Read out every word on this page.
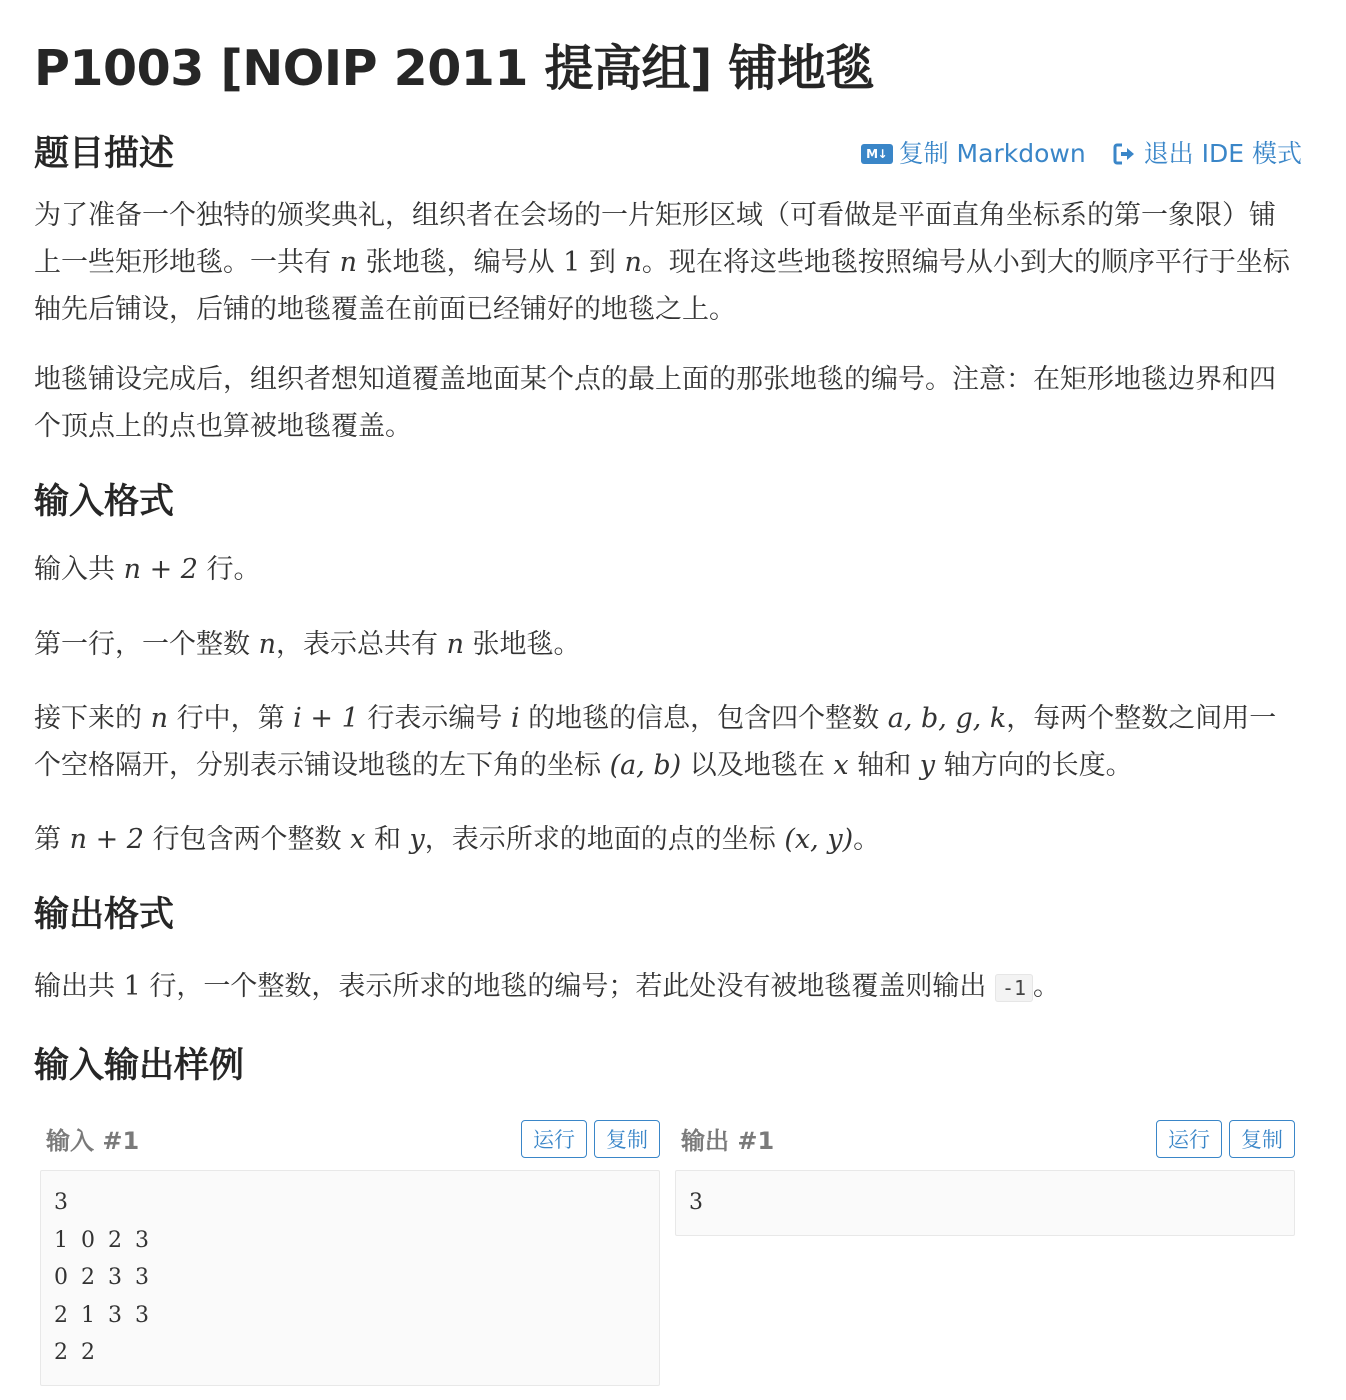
P1003 [NOIP 2011 提高组] 铺地毯
题目描述	M↓ 复制 Markdown 退出 IDE 模式

为了准备一个独特的颁奖典礼，组织者在会场的一片矩形区域（可看做是平面直角坐标系的第一象限）铺上一些矩形地毯。一共有 n 张地毯，编号从 1 到 n。现在将这些地毯按照编号从小到大的顺序平行于坐标轴先后铺设，后铺的地毯覆盖在前面已经铺好的地毯之上。

地毯铺设完成后，组织者想知道覆盖地面某个点的最上面的那张地毯的编号。注意：在矩形地毯边界和四个顶点上的点也算被地毯覆盖。

输入格式

输入共 n + 2 行。

第一行，一个整数 n，表示总共有 n 张地毯。

接下来的 n 行中，第 i + 1 行表示编号 i 的地毯的信息，包含四个整数 a, b, g, k，每两个整数之间用一个空格隔开，分别表示铺设地毯的左下角的坐标 (a, b) 以及地毯在 x 轴和 y 轴方向的长度。

第 n + 2 行包含两个整数 x 和 y，表示所求的地面的点的坐标 (x, y)。

输出格式

输出共 1 行，一个整数，表示所求的地毯的编号；若此处没有被地毯覆盖则输出 -1 。

输入输出样例
输入 #1	运行	复制
3
1 0 2 3
0 2 3 3
2 1 3 3
2 2
输出 #1	运行	复制
3
